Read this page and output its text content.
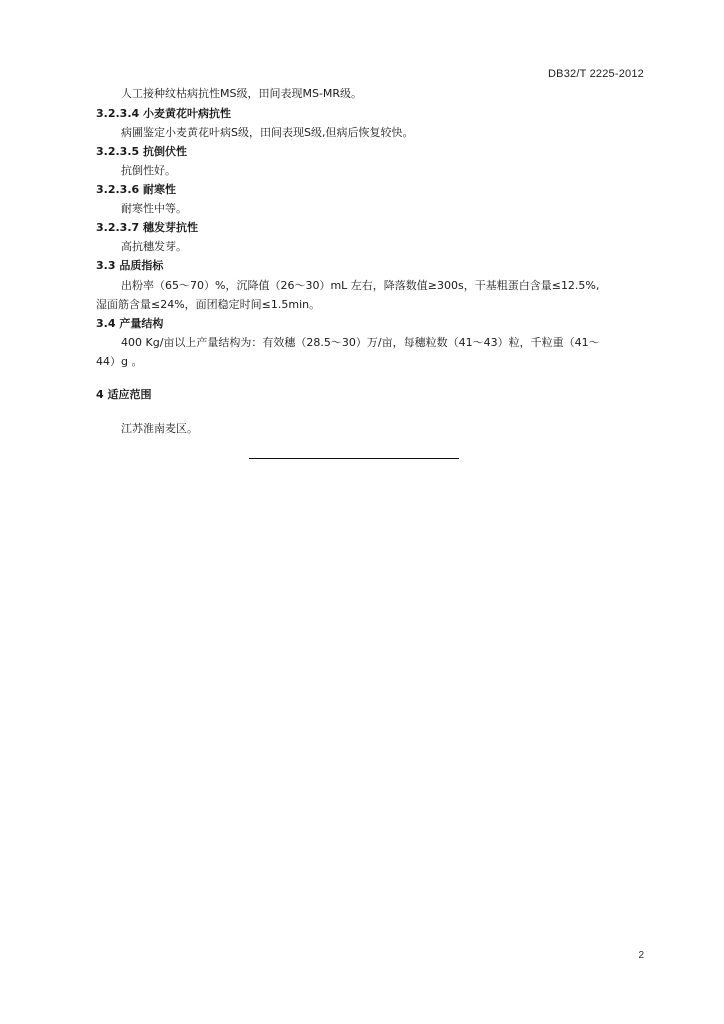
DB32/T 2225-2012
人工接种纹枯病抗性MS级，田间表现MS-MR级。
3.2.3.4 小麦黄花叶病抗性
病圃鉴定小麦黄花叶病S级，田间表现S级,但病后恢复较快。
3.2.3.5 抗倒伏性
抗倒性好。
3.2.3.6 耐寒性
耐寒性中等。
3.2.3.7 穗发芽抗性
高抗穗发芽。
3.3 品质指标
出粉率（65～70）%，沉降值（26～30）mL 左右，降落数值≥300s，干基粗蛋白含量≤12.5%,
湿面筋含量≤24%，面团稳定时间≤1.5min。
3.4 产量结构
400 Kg/亩以上产量结构为：有效穗（28.5～30）万/亩，每穗粒数（41～43）粒，千粒重（41～
44）g 。
4 适应范围
江苏淮南麦区。
2
